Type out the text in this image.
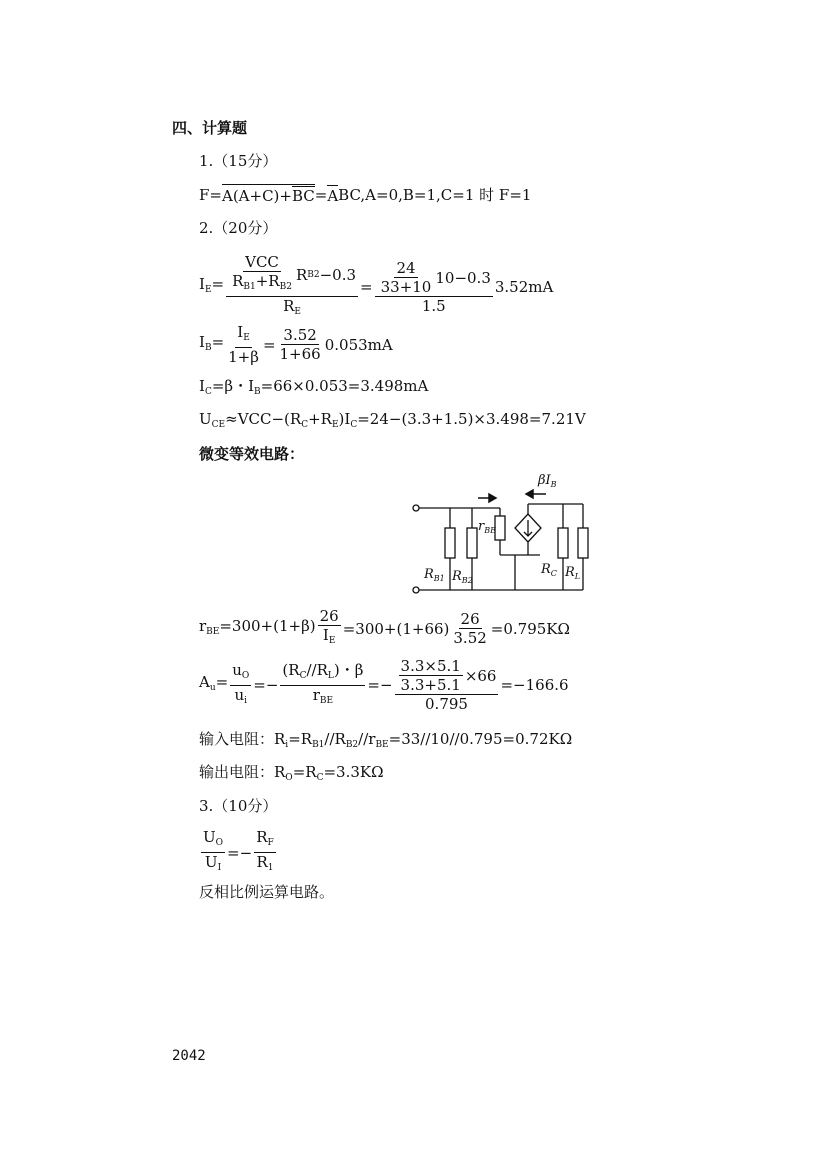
四、计算题
1.（15分）
F= A(A+C)+BC = A BC,A=0,B=1,C=1 时 F=1
2.（20分）
$I_E= \frac{\frac{\text{VCC}}{R_{B1}+R_{B2}} R B2 -0.3}{R_E} = \frac{\frac{24}{33+10} 10-0.3}{1.5} 3.52mA$
$I_B= \frac{I_E}{1+\beta} = \frac{3.52}{1+66} 0.053mA$
$I_C=\beta$・$I_B=66\times 0.053=3.498mA$
$U_{CE}\approx VCC-(R_C+R_E)I_C=24-(3.3+1.5)\times 3.498=7.21V$
微变等效电路：
$\beta I_B$
$r_{BE}$
$R_{B1}$ $R_{B2}$
$R_C$ $R_L$
$r_{BE}=300+(1+\beta) \frac{26}{I_E} =300+(1+66) \frac{26}{3.52} =0.795K\Omega$
$A_u= \frac{u_O}{u_i} =- \frac{(R_C//R_L)・\beta}{r_{BE}} =- \frac{\frac{3.3\times 5.1}{3.3+5.1} \times 66}{0.795} =-166.6$
输入电阻：$R_i=R_{B1}//R_{B2}//r_{BE}=33//10//0.795=0.72K\Omega$
输出电阻：$R_O=R_C=3.3K\Omega$
3.（10分）
$\frac{U_O}{U_I} =- \frac{R_F}{R_1}$
反相比例运算电路。
2042
